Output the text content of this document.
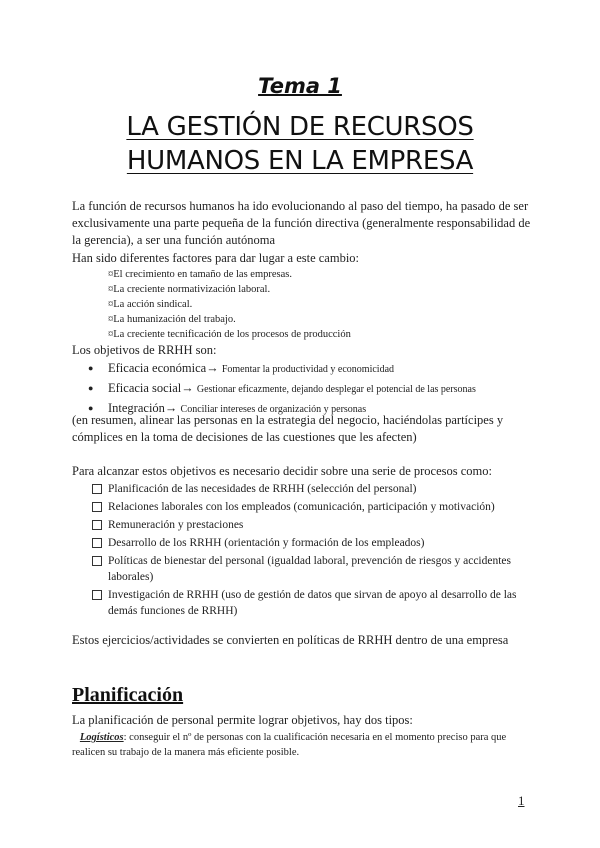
Tema 1
LA GESTIÓN DE RECURSOS
HUMANOS EN LA EMPRESA
La función de recursos humanos ha ido evolucionando al paso del tiempo, ha pasado de ser exclusivamente una parte pequeña de la función directiva (generalmente responsabilidad de la gerencia), a ser una función autónoma
Han sido diferentes factores para dar lugar a este cambio:
¤El crecimiento en tamaño de las empresas.
¤La creciente normativización laboral.
¤La acción sindical.
¤La humanización del trabajo.
¤La creciente tecnificación de los procesos de producción
Los objetivos de RRHH son:
● Eficacia económica→ Fomentar la productividad y economicidad
● Eficacia social→ Gestionar eficazmente, dejando desplegar el potencial de las personas
● Integración→ Conciliar intereses de organización y personas
(en resumen, alinear las personas en la estrategia del negocio, haciéndolas partícipes y cómplices en la toma de decisiones de las cuestiones que les afecten)
Para alcanzar estos objetivos es necesario decidir sobre una serie de procesos como:
Planificación de las necesidades de RRHH (selección del personal)
Relaciones laborales con los empleados (comunicación, participación y motivación)
Remuneración y prestaciones
Desarrollo de los RRHH (orientación y formación de los empleados)
Políticas de bienestar del personal (igualdad laboral, prevención de riesgos y accidentes laborales)
Investigación de RRHH (uso de gestión de datos que sirvan de apoyo al desarrollo de las demás funciones de RRHH)
Estos ejercicios/actividades se convierten en políticas de RRHH dentro de una empresa
Planificación
La planificación de personal permite lograr objetivos, hay dos tipos:
Logísticos: conseguir el nº de personas con la cualificación necesaria en el momento preciso para que realicen su trabajo de la manera más eficiente posible.
1
